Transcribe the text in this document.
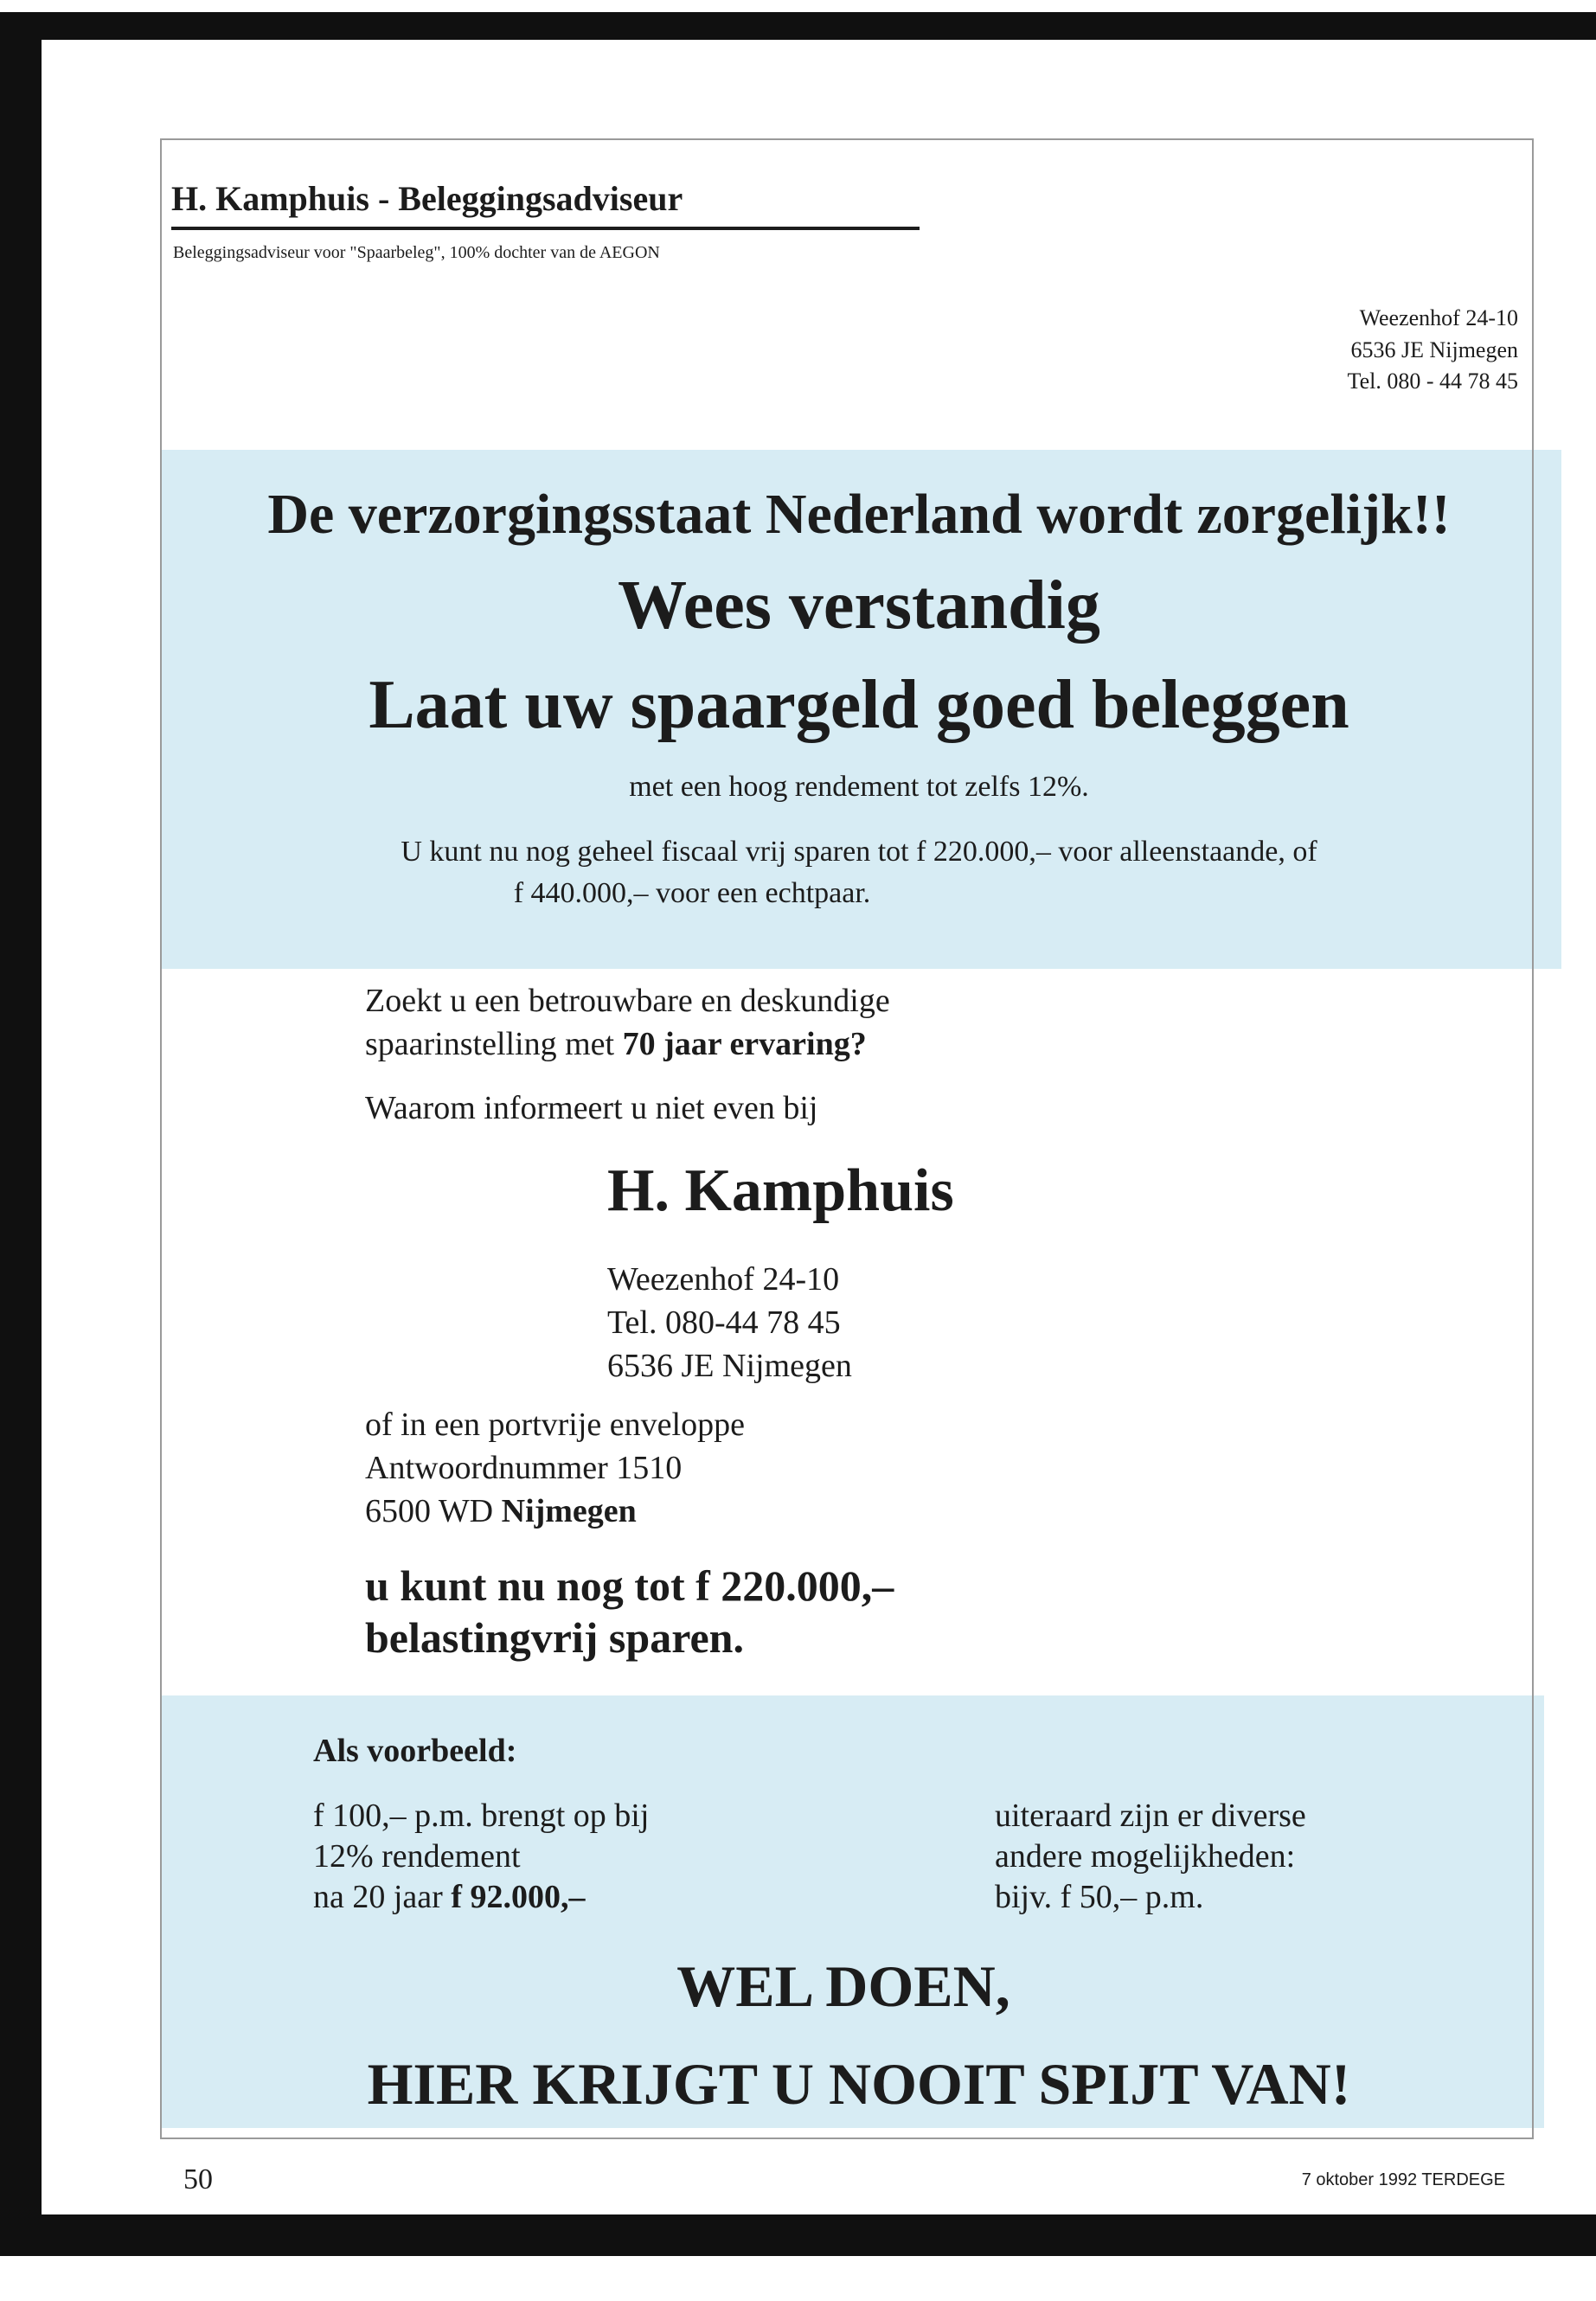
H. Kamphuis - Beleggingsadviseur
Beleggingsadviseur voor "Spaarbeleg", 100% dochter van de AEGON
Weezenhof 24-10
6536 JE Nijmegen
Tel. 080 - 44 78 45
De verzorgingsstaat Nederland wordt zorgelijk!!
Wees verstandig
Laat uw spaargeld goed beleggen
met een hoog rendement tot zelfs 12%.
U kunt nu nog geheel fiscaal vrij sparen tot f 220.000,– voor alleenstaande, of
f 440.000,– voor een echtpaar.
Zoekt u een betrouwbare en deskundige
spaarinstelling met 70 jaar ervaring?
Waarom informeert u niet even bij
H. Kamphuis
Weezenhof 24-10
Tel. 080-44 78 45
6536 JE Nijmegen
of in een portvrije enveloppe
Antwoordnummer 1510
6500 WD Nijmegen
u kunt nu nog tot f 220.000,–
belastingvrij sparen.
Als voorbeeld:
f 100,– p.m. brengt op bij
12% rendement
na 20 jaar f 92.000,–
uiteraard zijn er diverse
andere mogelijkheden:
bijv. f 50,– p.m.
WEL DOEN,
HIER KRIJGT U NOOIT SPIJT VAN!
50	7 oktober 1992 TERDEGE
